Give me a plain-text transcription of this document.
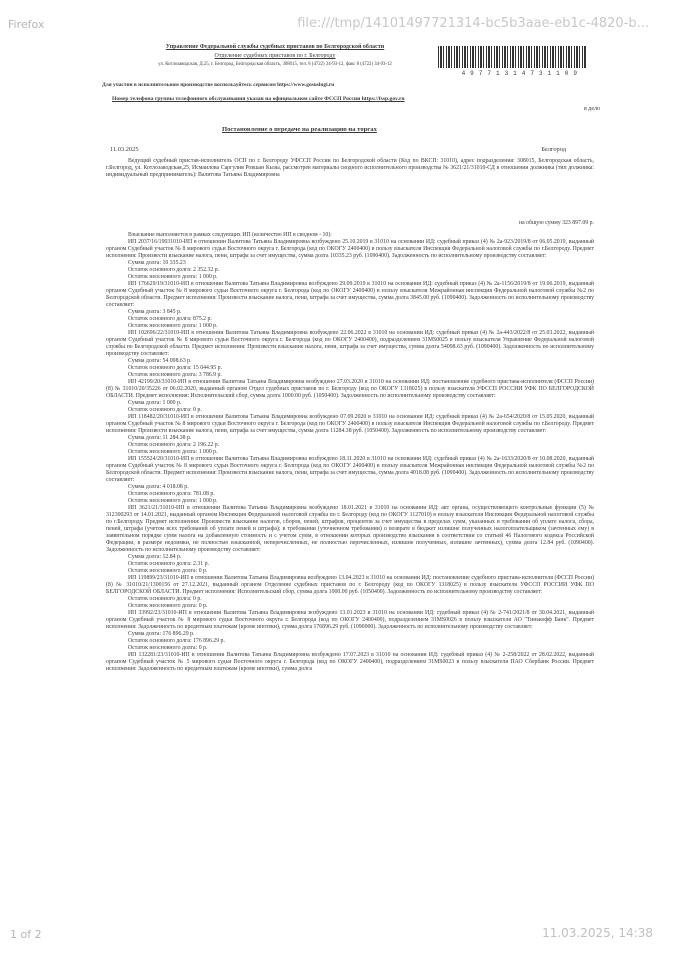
Firefox	file:///tmp/14101497721314-bc5b3aae-eb1c-4820-b...
Управление Федеральной службы судебных приставов по Белгородской области
Отделение судебных приставов по г. Белгороду
ул. Котлозаводская, Д.25, г. Белгород, Белгородская область, 308015, тел. 8 (4722) 34-93-12, факс 8 (4722) 34-93-12
49771314731109
Для участия в исполнительном производстве воспользуйтесь сервисом https://www.gosuslugi.ru
Номер телефона группы телефонного обслуживания указан на официальном сайте ФССП России https://fssp.gov.ru
в дело
Постановление о передаче на реализацию на торгах
11.03.2025	Белгород
Ведущий судебный пристав-исполнитель ОСП по г. Белгороду УФССП России по Белгородской области (Код по ВКСП: 31010), адрес подразделения: 308015, Белгородская область, г.Белгород, ул. Котлозаводская,25, Исмаилова Саргулия Ровшан Кызы, рассмотрев материалы сводного исполнительного производства № 3621/21/31010-СД в отношении должника (тип должника: индивидуальный предприниматель): Валитова Татьяна Владимировна
на общую сумму 323 897.09 р.

Взыскание выполняется в рамках следующих ИП (количество ИП в сводном - 10):

ИП 2037/16/19031010-ИП в отношении Валитова Татьяна Владимировна возбуждено 25.10.2019 в 31010 на основании ИД: судебный приказ (4) № 2а-923/2019/8 от 06.05.2019, выданный органом Судебный участок № 8 мирового судьи Восточного округа г. Белгорода (код по ОКОГУ 2400400) в пользу взыскателя Инспекция Федеральной налоговой службы по г.Белгороду. Предмет исполнения: Произвести взыскание налога, пени, штрафа за счет имущества, сумма долга 10335.23 руб. (1090400). Задолженность по исполнительному производству составляет:

Сумма долга: 10 335.23

Остаток основного долга: 2 352.32 р.

Остаток неосновного долга: 1 000 р.

ИП 176629/19/31010-ИП в отношении Валитова Татьяна Владимировна возбуждено 29.09.2019 в 31010 на основании ИД: судебный приказ (4) № 2а-1156/2019/8 от 19.06.2019, выданный органом Судебный участок № 8 мирового судьи Восточного округа г. Белгорода (код по ОКОГУ 2400400) в пользу взыскателя Межрайонная инспекция Федеральной налоговой службы №2 по Белгородской области. Предмет исполнения: Произвести взыскание налога, пени, штрафа за счет имущества, сумма долга 3845.00 руб. (1090400). Задолженность по исполнительному производству составляет:

Сумма долга: 3 845 р.

Остаток основного долга: 875.2 р.

Остаток неосновного долга: 1 000 р.

ИП 102696/22/31010-ИП в отношении Валитова Татьяна Владимировна возбуждено 22.06.2022 в 31010 на основании ИД: судебный приказ (4) № 2а-443/2022/8 от 25.03.2022, выданный органом Судебный участок № 8 мирового судьи Восточного округа г. Белгорода (код по ОКОГУ 2400400), подразделением 31MS0025 в пользу взыскателя Управление Федеральной налоговой службы по Белгородской области. Предмет исполнения: Произвести взыскание налога, пени, штрафа за счет имущества, сумма долга 54098.63 руб. (1090400). Задолженность по исполнительному производству составляет:

Сумма долга: 54 098.63 р.

Остаток основного долга: 15 044.95 р.

Остаток неосновного долга: 3 786.9 р.

ИП 42199/20/31010-ИП в отношении Валитова Татьяна Владимировна возбуждено 27.03.2020 в 31010 на основании ИД: постановление судебного пристава-исполнителя (ФССП России) (8) № 31010/20/35226 от 06.02.2020, выданный органом Отдел судебных приставов по г. Белгороду (код по ОКОГУ 1318025) в пользу взыскателя УФССП РОССИИ УФК ПО БЕЛГОРОДСКОЙ ОБЛАСТИ. Предмет исполнения: Исполнительский сбор, сумма долга 1000.00 руб. (1050400). Задолженность по исполнительному производству составляет:

Сумма долга: 1 000 р.

Остаток основного долга: 0 р.

ИП 118482/20/31010-ИП в отношении Валитова Татьяна Владимировна возбуждено 07.09.2020 в 31010 на основании ИД: судебный приказ (4) № 2а-654/2020/8 от 15.05.2020, выданный органом Судебный участок № 8 мирового судьи Восточного округа г. Белгорода (код по ОКОГУ 2400400) в пользу взыскателя Инспекция Федеральной налоговой службы по г.Белгороду. Предмет исполнения: Произвести взыскание налога, пени, штрафа за счет имущества, сумма долга 11284.38 руб. (1050400). Задолженность по исполнительному производству составляет:

Сумма долга: 11 284.38 р.

Остаток основного долга: 2 196.22 р.

Остаток неосновного долга: 1 000 р.

ИП 155524/20/31010-ИП в отношении Валитова Татьяна Владимировна возбуждено 18.11.2020 в 31010 на основании ИД: судебный приказ (4) № 2а-1633/2020/8 от 10.08.2020, выданный органом Судебный участок № 8 мирового судьи Восточного округа г. Белгорода (код по ОКОГУ 2400400) в пользу взыскателя Межрайонная инспекция Федеральной налоговой службы №2 по Белгородской области. Предмет исполнения: Произвести взыскание налога, пени, штрафа за счет имущества, сумма долга 4018.08 руб. (1090400). Задолженность по исполнительному производству составляет:

Сумма долга: 4 018.08 р.

Остаток основного долга: 781.08 р.

Остаток неосновного долга: 1 000 р.

ИП 3621/21/31010-ИП в отношении Валитова Татьяна Владимировна возбуждено 18.01.2021 в 31010 на основании ИД: акт органа, осуществляющего контрольные функции (5) № 312300293 от 14.01.2021, выданный органом Инспекция Федеральной налоговой службы по г. Белгороду (код по ОКОГУ 1127010) в пользу взыскателя Инспекция Федеральной налоговой службы по г.Белгороду. Предмет исполнения: Произвести взыскание налогов, сборов, пеней, штрафов, процентов за счет имущества в пределах сумм, указанных в требовании об уплате налога, сбора, пеней, штрафа (учетом всех требований об уплате пеней и штрафа); в требовании (уточненном требовании) о возврате в бюджет излишне полученных налогоплательщиком (зачтенных ему) в заявительном порядке сумм налога на добавленную стоимость и с учетом сумм, в отношении которых производство взыскания в соответствии со статьей 46 Налогового кодекса Российской Федерации, в размере недоимки, не полностью взысканной, неперечисленных, не полностью перечисленных, излишне полученных, излишне зачтенных), сумма долга 12.84 руб. (1090400). Задолженность по исполнительному производству составляет:

Сумма долга: 12.84 р.

Остаток основного долга: 2.31 р.

Остаток неосновного долга: 0 р.

ИП 119899/23/31010-ИП в отношении Валитова Татьяна Владимировна возбуждено 13.04.2023 в 31010 на основании ИД: постановление судебного пристава-исполнителя (ФССП России) (8) № 31010/21/1300156 от 27.12.2021, выданный органом Отделение судебных приставов по г. Белгороду (код по ОКОГУ 1318025) в пользу взыскателя УФССП РОССИИ УФК ПО БЕЛГОРОДСКОЙ ОБЛАСТИ. Предмет исполнения: Исполнительский сбор, сумма долга 1000.00 руб. (1050400). Задолженность по исполнительному производству составляет:

Остаток основного долга: 0 р.

Остаток неосновного долга: 0 р.

ИП 33992/23/31010-ИП в отношении Валитова Татьяна Владимировна возбуждено 13.01.2023 в 31010 на основании ИД: судебный приказ (4) № 2-741/2021/8 от 30.04.2021, выданный органом Судебный участок № 8 мирового судьи Восточного округа г. Белгорода (код по ОКОГУ 2400400), подразделением 31MS0026 в пользу взыскателя АО "Тинькофф Банк". Предмет исполнения: Задолженность по кредитным платежам (кроме ипотеки), сумма долга 176896.29 руб. (1090000). Задолженность по исполнительному производству составляет:

Сумма долга: 176 896.29 р.

Остаток основного долга: 176 896.29 р.

Остаток неосновного долга: 0 р.

ИП 132281/23/31010-ИП в отношении Валитова Татьяна Владимировна возбуждено 17.07.2023 в 31010 на основании ИД: судебный приказ (4) № 2-258/2022 от 28.02.2022, выданный органом Судебный участок № 5 мирового судьи Восточного округа г. Белгорода (код по ОКОГУ 2400400), подразделением 31MS0023 в пользу взыскателя ПАО Сбербанк России. Предмет исполнения: Задолженность по кредитным платежам (кроме ипотеки), сумма долга

1 of 2	11.03.2025, 14:38
